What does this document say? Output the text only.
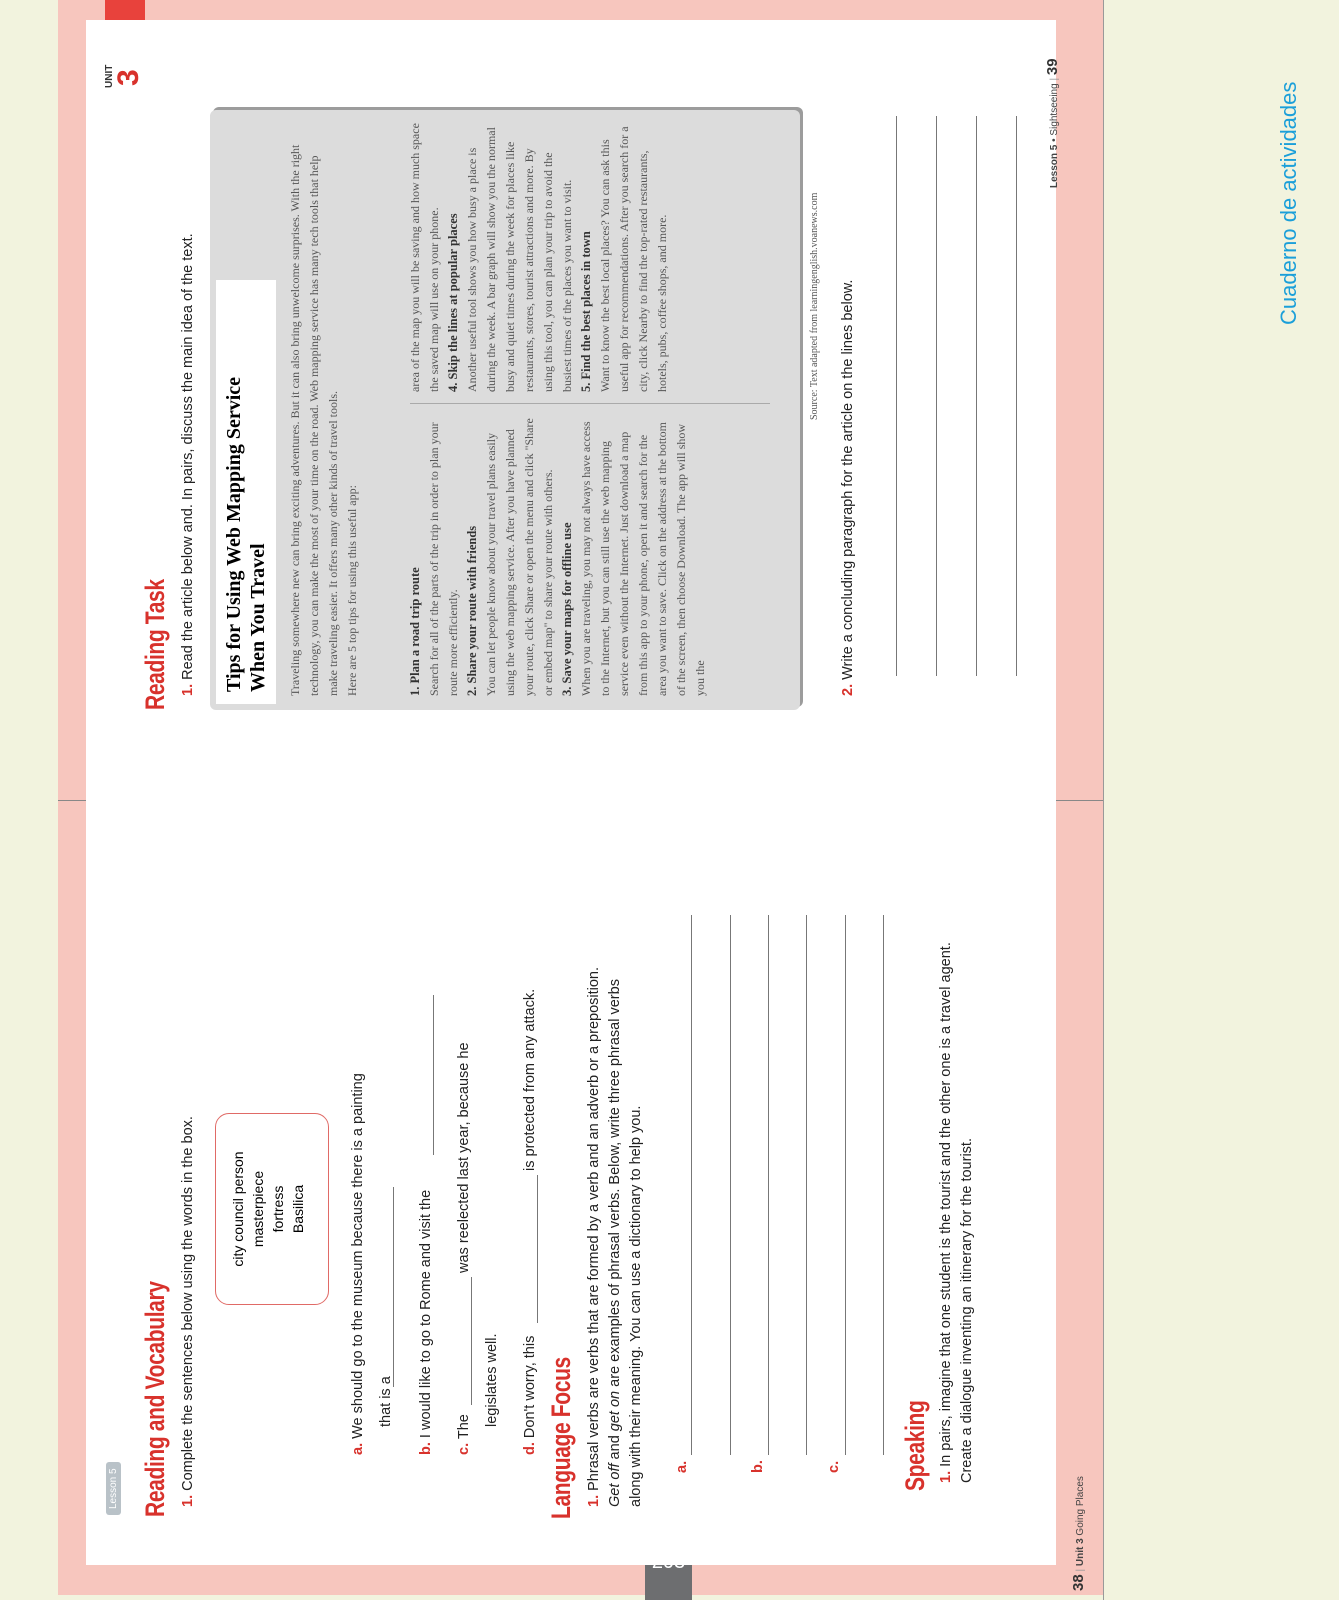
Cuaderno de actividades
Lesson 5 Reading and Vocabulary 1. Complete the sentences below using the words in the box. city council person masterpiece fortress Basilica
a. We should go to the museum because there is a painting that is a
b. I would like to go to Rome and visit the
c. The
was reelected last year, because he
legislates well.
d. Don't worry, this
is protected from any attack.
Language Focus 1. Phrasal verbs are verbs that are formed by a verb and an adverb or a preposition. Get off and get on are examples of phrasal verbs. Below, write three phrasal verbs along with their meaning. You can use a dictionary to help you. a.	b.	c. Speaking 1. In pairs, imagine that one student is the tourist and the other one is a travel agent. Create a dialogue inventing an itinerary for the tourist.
38 | Unit 3 Going Places
Reading Task 1. Read the article below and. In pairs, discuss the main idea of the text. Tips for Using Web Mapping Service When You Travel Traveling somewhere new can bring exciting adventures. But it can also bring unwelcome surprises. With the right technology, you can make the most of your time on the road. Web mapping service has many tech tools that help make traveling easier. It offers many other kinds of travel tools. Here are 5 top tips for using this useful app:	1. Plan a road trip route Search for all of the parts of the trip in order to plan your route more efficiently. 2. Share your route with friends You can let people know about your travel plans easily using the web mapping service. After you have planned your route, click Share or open the menu and click "Share or embed map" to share your route with others. 3. Save your maps for offline use When you are traveling, you may not always have access to the Internet, but you can still use the web mapping service even without the Internet. Just download a map from this app to your phone, open it and search for the area you want to save. Click on the address at the bottom of the screen, then choose Download. The app will show you the
area of the map you will be saving and how much space the saved map will use on your phone. 4. Skip the lines at popular places Another useful tool shows you how busy a place is during the week. A bar graph will show you the normal busy and quiet times during the week for places like restaurants, stores, tourist attractions and more. By using this tool, you can plan your trip to avoid the busiest times of the places you want to visit. 5. Find the best places in town Want to know the best local places? You can ask this useful app for recommendations. After you search for a city, click Nearby to find the top-rated restaurants, hotels, pubs, coffee shops, and more.	Source: Text adapted from learningenglish.voanews.com
2. Write a concluding paragraph for the article on the lines below.
UNIT
3
Lesson 5 • Sightseeing | 39
